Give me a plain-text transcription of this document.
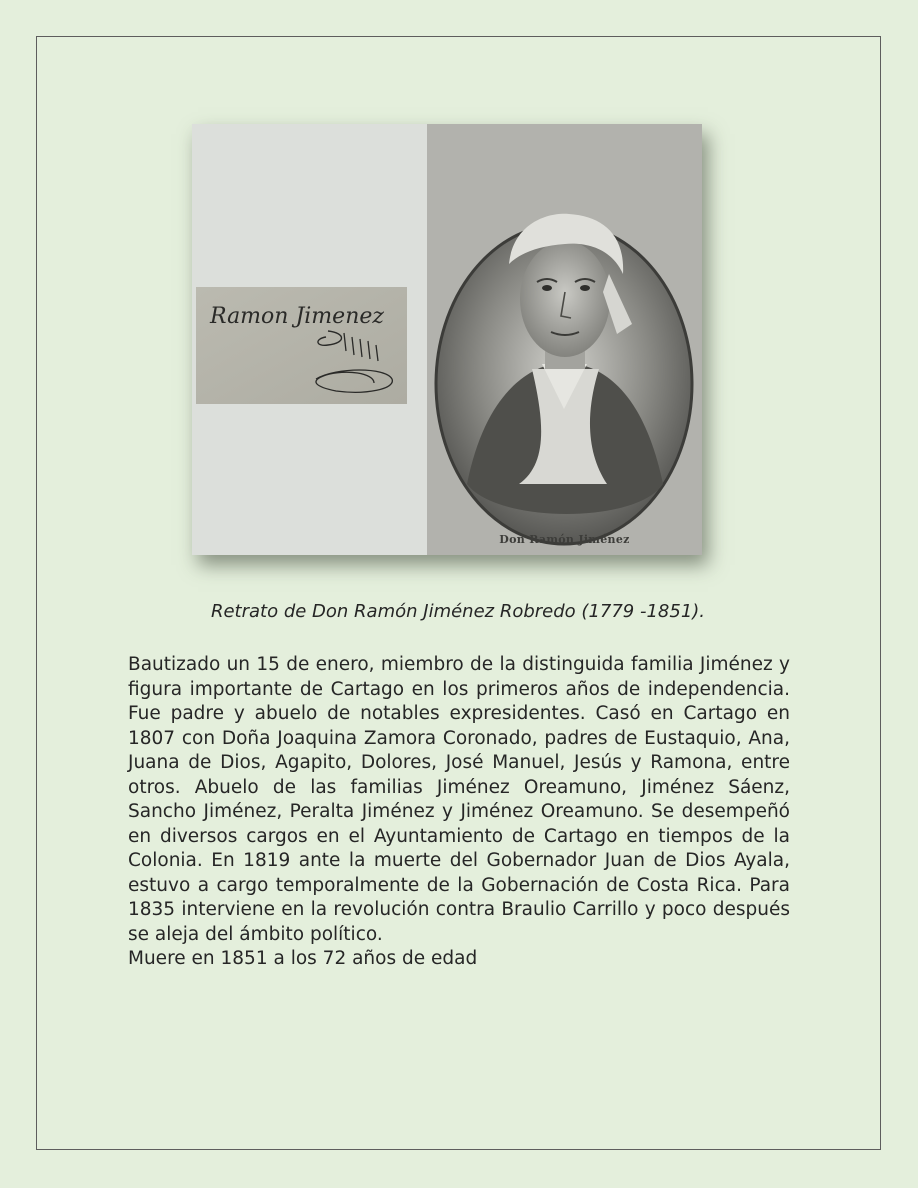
Ramon Jimenez
Don Ramón Jiménez
Retrato de Don Ramón Jiménez Robredo (1779 -1851).

Bautizado un 15 de enero, miembro de la distinguida familia Jiménez y figura importante de Cartago en los primeros años de independencia. Fue padre y abuelo de notables expresidentes. Casó en Cartago en 1807 con Doña Joaquina Zamora Coronado, padres de Eustaquio, Ana, Juana de Dios, Agapito, Dolores, José Manuel, Jesús y Ramona, entre otros. Abuelo de las familias Jiménez Oreamuno, Jiménez Sáenz, Sancho Jiménez, Peralta Jiménez y Jiménez Oreamuno. Se desempeñó en diversos cargos en el Ayuntamiento de Cartago en tiempos de la Colonia. En 1819 ante la muerte del Gobernador Juan de Dios Ayala, estuvo a cargo temporalmente de la Gobernación de Costa Rica. Para 1835 interviene en la revolución contra Braulio Carrillo y poco después se aleja del ámbito político.

Muere en 1851 a los 72 años de edad
